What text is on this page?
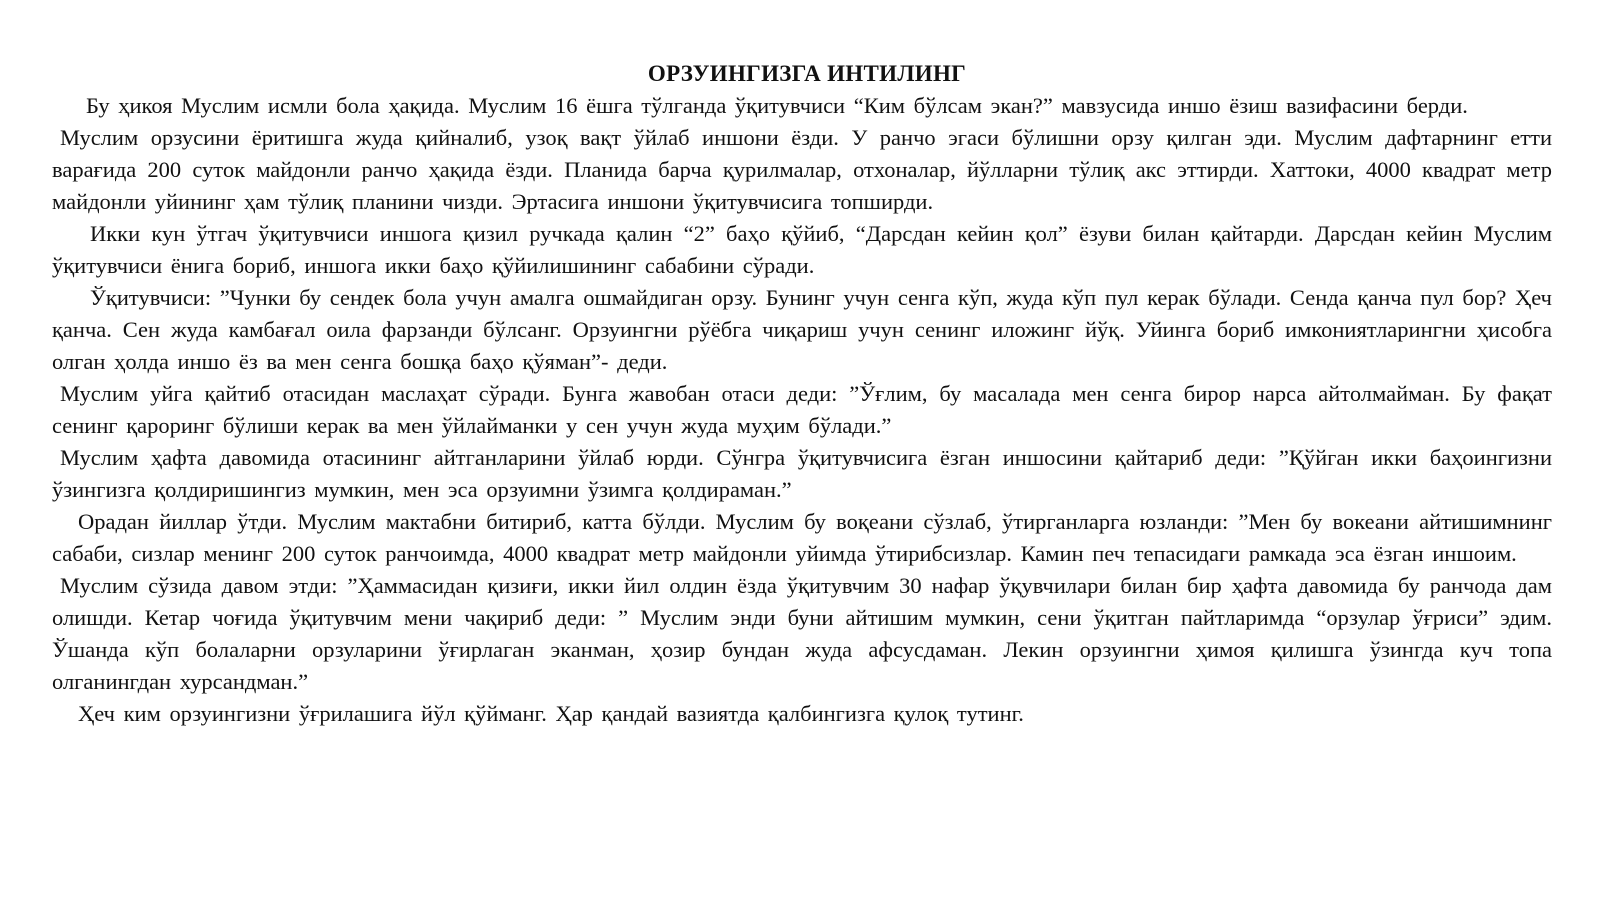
ОРЗУИНГИЗГА ИНТИЛИНГ

Бу ҳикоя Муслим исмли бола ҳақида. Муслим 16 ёшга тўлганда ўқитувчиси “Ким бўлсам экан?” мавзусида иншо ёзиш вазифасини берди.

Муслим орзусини ёритишга жуда қийналиб, узоқ вақт ўйлаб иншони ёзди. У ранчо эгаси бўлишни орзу қилган эди. Муслим дафтарнинг етти варағида 200 суток майдонли ранчо ҳақида ёзди. Планида барча қурилмалар, отхоналар, йўлларни тўлиқ акс эттирди. Хаттоки, 4000 квадрат метр майдонли уйининг ҳам тўлиқ планини чизди. Эртасига иншони ўқитувчисига топширди.

Икки кун ўтгач ўқитувчиси иншога қизил ручкада қалин “2” баҳо қўйиб, “Дарсдан кейин қол” ёзуви билан қайтарди. Дарсдан кейин Муслим ўқитувчиси ёнига бориб, иншога икки баҳо қўйилишининг сабабини сўради.

Ўқитувчиси: ”Чунки бу сендек бола учун амалга ошмайдиган орзу. Бунинг учун сенга кўп, жуда кўп пул керак бўлади. Сенда қанча пул бор? Ҳеч қанча. Сен жуда камбағал оила фарзанди бўлсанг. Орзуингни рўёбга чиқариш учун сенинг иложинг йўқ. Уйинга бориб имкониятларингни ҳисобга олган ҳолда иншо ёз ва мен сенга бошқа баҳо қўяман”- деди.

Муслим уйга қайтиб отасидан маслаҳат сўради. Бунга жавобан отаси деди: ”Ўғлим, бу масалада мен сенга бирор нарса айтолмайман. Бу фақат сенинг қароринг бўлиши керак ва мен ўйлайманки у сен учун жуда муҳим бўлади.”

Муслим ҳафта давомида отасининг айтганларини ўйлаб юрди. Сўнгра ўқитувчисига ёзган иншосини қайтариб деди: ”Қўйган икки баҳоингизни ўзингизга қолдиришингиз мумкин, мен эса орзуимни ўзимга қолдираман.”

Орадан йиллар ўтди. Муслим мактабни битириб, катта бўлди. Муслим бу воқеани сўзлаб, ўтирганларга юзланди: ”Мен бу вокеани айтишимнинг сабаби, сизлар менинг 200 суток ранчоимда, 4000 квадрат метр майдонли уйимда ўтирибсизлар. Камин печ тепасидаги рамкада эса ёзган иншоим.

Муслим сўзида давом этди: ”Ҳаммасидан қизиғи, икки йил олдин ёзда ўқитувчим 30 нафар ўқувчилари билан бир ҳафта давомида бу ранчода дам олишди. Кетар чоғида ўқитувчим мени чақириб деди: ” Муслим энди буни айтишим мумкин, сени ўқитган пайтларимда “орзулар ўғриси” эдим. Ўшанда кўп болаларни орзуларини ўғирлаган эканман, ҳозир бундан жуда афсусдаман. Лекин орзуингни ҳимоя қилишга ўзингда куч топа олганингдан хурсандман.”

Ҳеч ким орзуингизни ўғрилашига йўл қўйманг. Ҳар қандай вазиятда қалбингизга қулоқ тутинг.
